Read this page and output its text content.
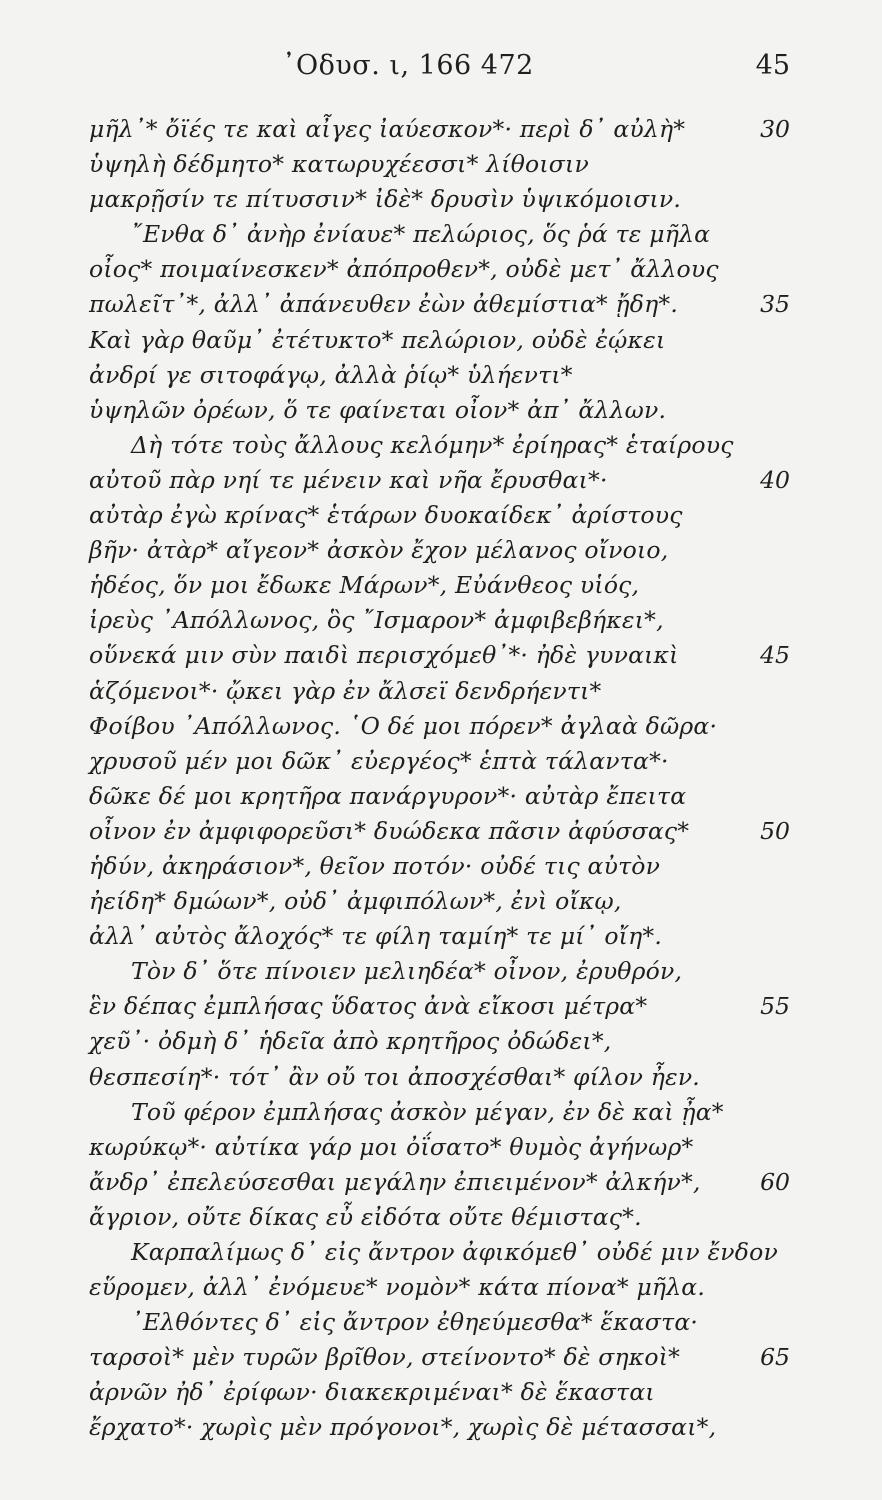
᾿Οδυσ. ι, 166 472	45
μῆλ᾿* ὄϊές τε καὶ αἶγες ἰαύεσκον*· περὶ δ᾿ αὐλὴ*	30
ὑψηλὴ δέδμητο* κατωρυχέεσσι* λίθοισιν
μακρῇσίν τε πίτυσσιν* ἰδὲ* δρυσὶν ὑψικόμοισιν.
῎Ενθα δ᾿ ἀνὴρ ἐνίαυε* πελώριος, ὅς ῥά τε μῆλα
οἶος* ποιμαίνεσκεν* ἀπόπροθεν*, οὐδὲ μετ᾿ ἄλλους
πωλεῖτ᾿*, ἀλλ᾿ ἀπάνευθεν ἐὼν ἀθεμίστια* ᾔδη*.	35
Καὶ γὰρ θαῦμ᾿ ἐτέτυκτο* πελώριον, οὐδὲ ἐῴκει
ἀνδρί γε σιτοφάγῳ, ἀλλὰ ῥίῳ* ὑλήεντι*
ὑψηλῶν ὀρέων, ὅ τε φαίνεται οἶον* ἀπ᾿ ἄλλων.
Δὴ τότε τοὺς ἄλλους κελόμην* ἐρίηρας* ἑταίρους
αὐτοῦ πὰρ νηί τε μένειν καὶ νῆα ἔρυσθαι*·	40
αὐτὰρ ἐγὼ κρίνας* ἑτάρων δυοκαίδεκ᾿ ἀρίστους
βῆν· ἀτὰρ* αἴγεον* ἀσκὸν ἔχον μέλανος οἴνοιο,
ἡδέος, ὅν μοι ἔδωκε Μάρων*, Εὐάνθεος υἱός,
ἱρεὺς ᾿Απόλλωνος, ὃς ῎Ισμαρον* ἀμφιβεβήκει*,
οὕνεκά μιν σὺν παιδὶ περισχόμεθ᾿*· ἠδὲ γυναικὶ	45
ἁζόμενοι*· ᾤκει γὰρ ἐν ἄλσεϊ δενδρήεντι*
Φοίβου ᾿Απόλλωνος. ῾Ο δέ μοι πόρεν* ἀγλαὰ δῶρα·
χρυσοῦ μέν μοι δῶκ᾿ εὐεργέος* ἑπτὰ τάλαντα*·
δῶκε δέ μοι κρητῆρα πανάργυρον*· αὐτὰρ ἔπειτα
οἶνον ἐν ἀμφιφορεῦσι* δυώδεκα πᾶσιν ἀφύσσας*	50
ἡδύν, ἀκηράσιον*, θεῖον ποτόν· οὐδέ τις αὐτὸν
ἠείδη* δμώων*, οὐδ᾿ ἀμφιπόλων*, ἐνὶ οἴκῳ,
ἀλλ᾿ αὐτὸς ἄλοχός* τε φίλη ταμίη* τε μί᾿ οἴη*.
Τὸν δ᾿ ὅτε πίνοιεν μελιηδέα* οἶνον, ἐρυθρόν,
ἓν δέπας ἐμπλήσας ὕδατος ἀνὰ εἴκοσι μέτρα*	55
χεῦ᾿· ὀδμὴ δ᾿ ἡδεῖα ἀπὸ κρητῆρος ὀδώδει*,
θεσπεσίη*· τότ᾿ ἂν οὔ τοι ἀποσχέσθαι* φίλον ἦεν.
Τοῦ φέρον ἐμπλήσας ἀσκὸν μέγαν, ἐν δὲ καὶ ᾖα*
κωρύκῳ*· αὐτίκα γάρ μοι ὀΐσατο* θυμὸς ἀγήνωρ*
ἄνδρ᾿ ἐπελεύσεσθαι μεγάλην ἐπιειμένον* ἀλκήν*,	60
ἄγριον, οὔτε δίκας εὖ εἰδότα οὔτε θέμιστας*.
Καρπαλίμως δ᾿ εἰς ἄντρον ἀφικόμεθ᾿ οὐδέ μιν ἔνδον
εὕρομεν, ἀλλ᾿ ἐνόμευε* νομὸν* κάτα πίονα* μῆλα.
᾿Ελθόντες δ᾿ εἰς ἄντρον ἐθηεύμεσθα* ἕκαστα·
ταρσοὶ* μὲν τυρῶν βρῖθον, στείνοντο* δὲ σηκοὶ*	65
ἀρνῶν ἠδ᾿ ἐρίφων· διακεκριμέναι* δὲ ἕκασται
ἔρχατο*· χωρὶς μὲν πρόγονοι*, χωρὶς δὲ μέτασσαι*,
